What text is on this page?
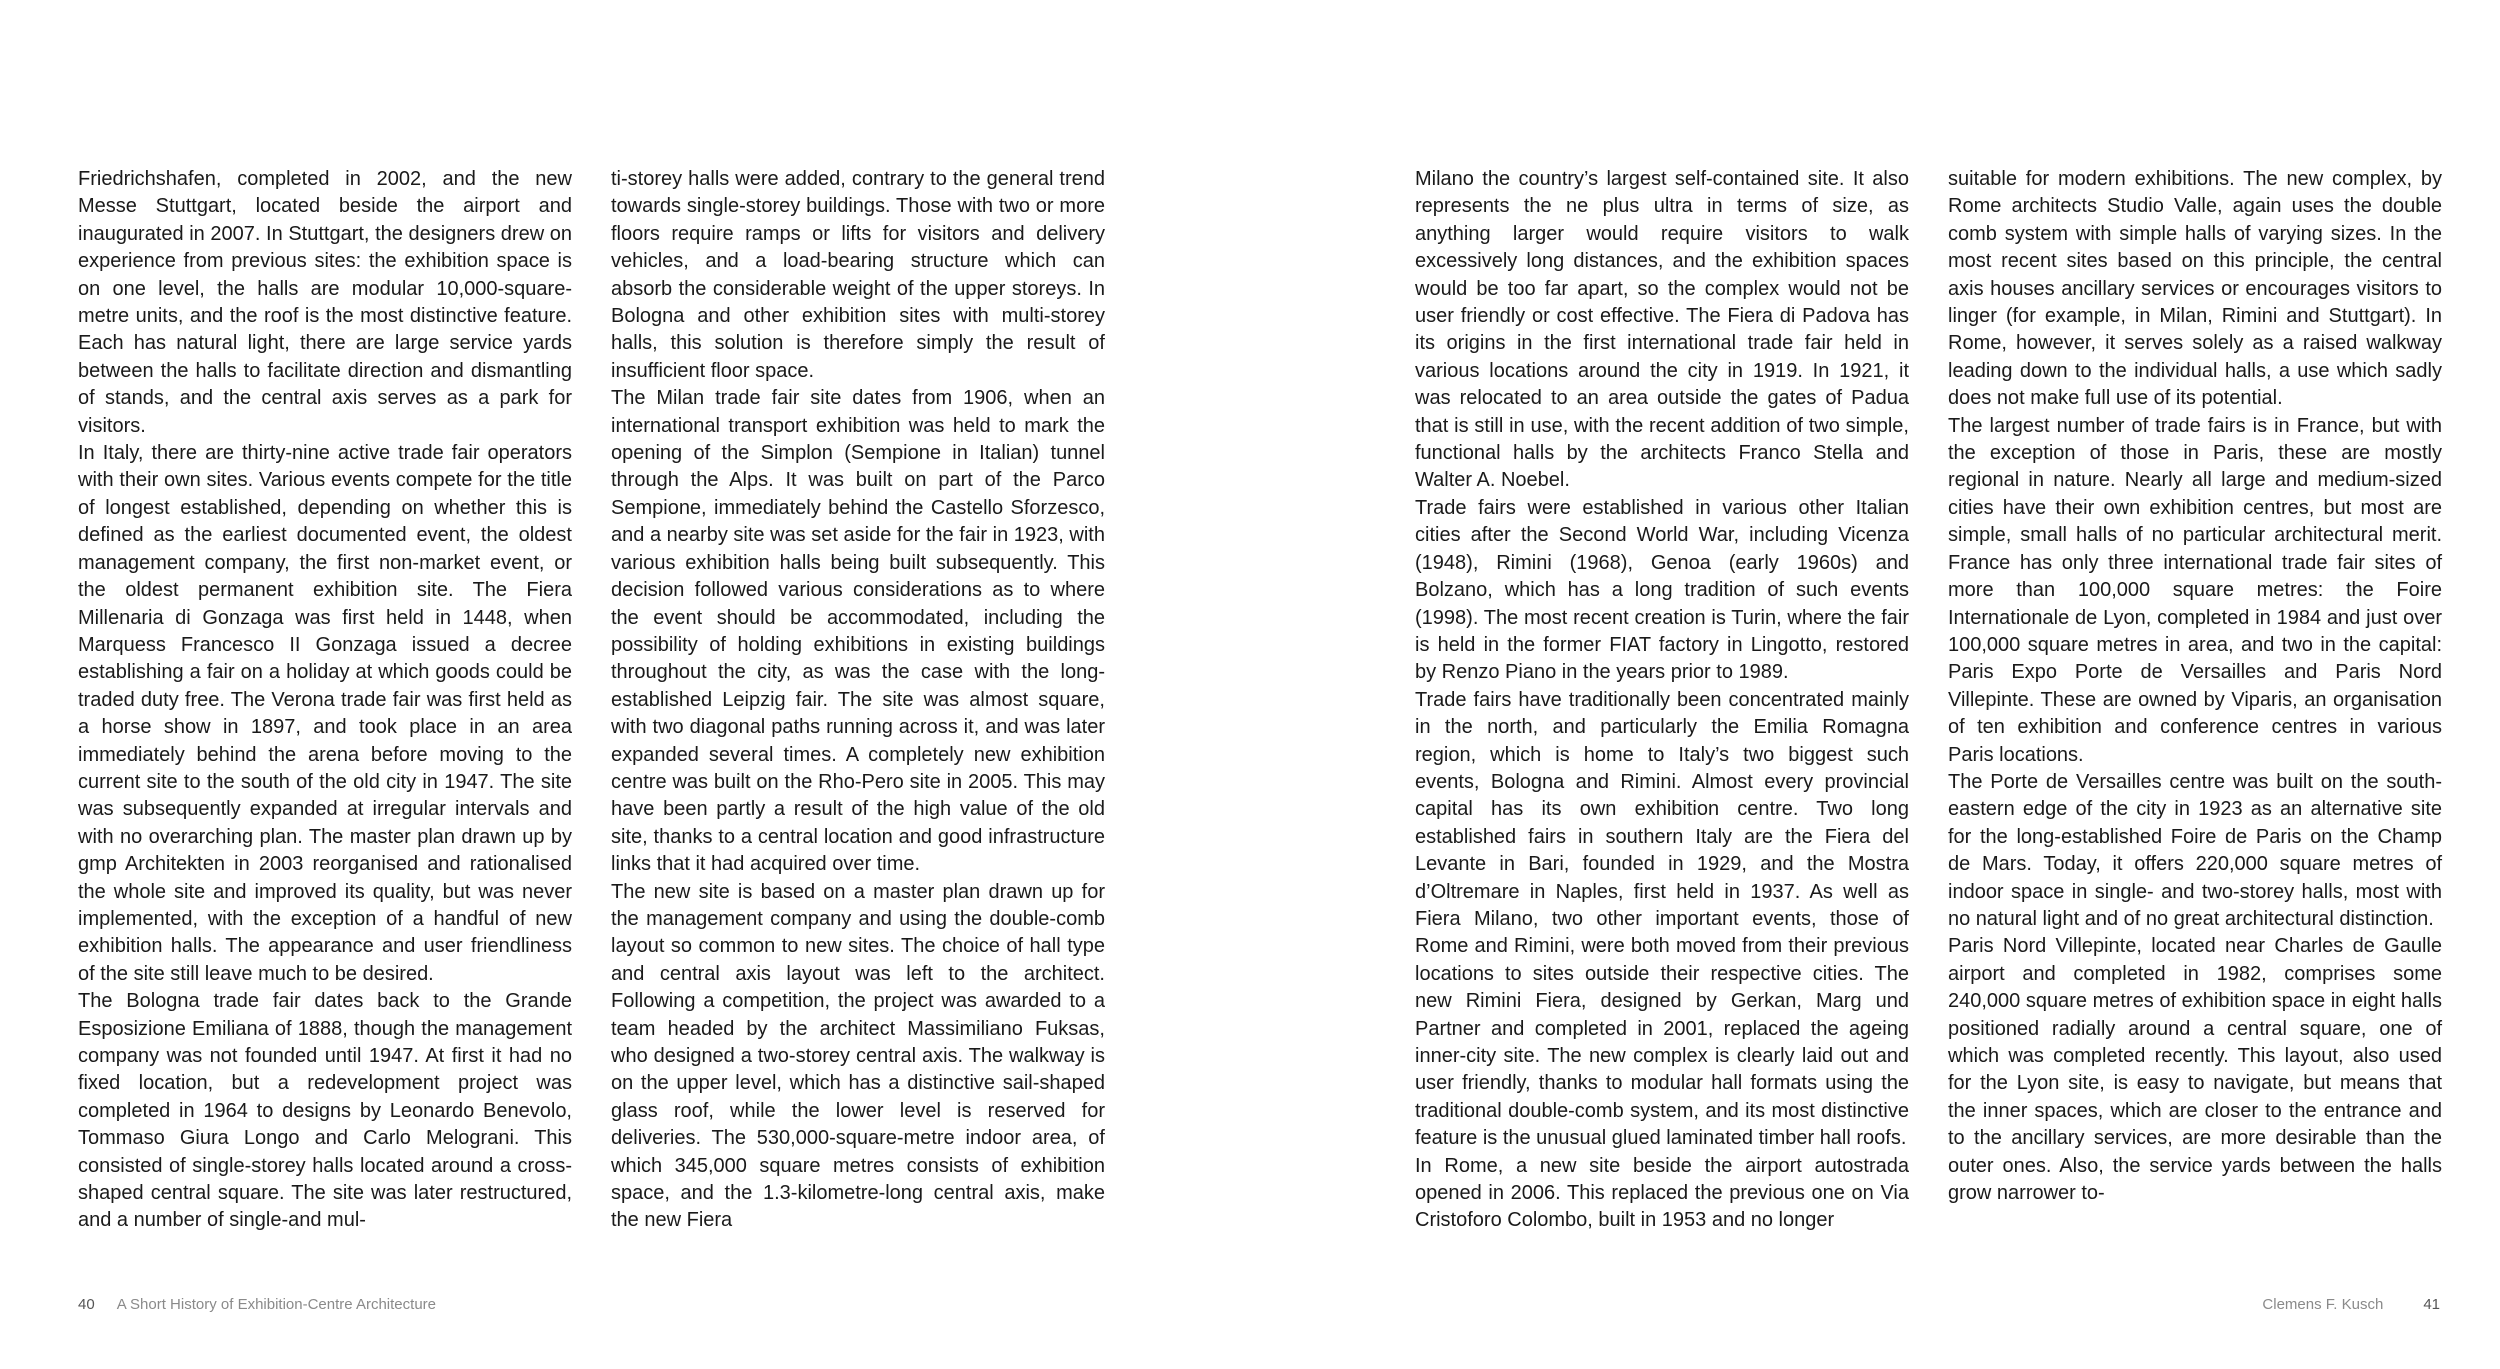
Friedrichshafen, completed in 2002, and the new Messe Stuttgart, located beside the airport and inaugurated in 2007. In Stuttgart, the designers drew on experience from previous sites: the exhibition space is on one level, the halls are modular 10,000-square-metre units, and the roof is the most distinctive feature. Each has natural light, there are large service yards between the halls to facilitate direction and dismantling of stands, and the central axis serves as a park for visitors.

In Italy, there are thirty-nine active trade fair operators with their own sites. Various events compete for the title of longest established, depending on whether this is defined as the earliest documented event, the oldest management company, the first non-market event, or the oldest permanent exhibition site. The Fiera Millenaria di Gonzaga was first held in 1448, when Marquess Francesco II Gonzaga issued a decree establishing a fair on a holiday at which goods could be traded duty free. The Verona trade fair was first held as a horse show in 1897, and took place in an area immediately behind the arena before moving to the current site to the south of the old city in 1947. The site was subsequently expanded at irregular intervals and with no overarching plan. The master plan drawn up by gmp Architekten in 2003 reorganised and rationalised the whole site and improved its quality, but was never implemented, with the exception of a handful of new exhibition halls. The appearance and user friendliness of the site still leave much to be desired.

The Bologna trade fair dates back to the Grande Esposizione Emiliana of 1888, though the management company was not founded until 1947. At first it had no fixed location, but a redevelopment project was completed in 1964 to designs by Leonardo Benevolo, Tommaso Giura Longo and Carlo Melograni. This consisted of single-storey halls located around a cross-shaped central square. The site was later restructured, and a number of single-and mul-

ti-storey halls were added, contrary to the general trend towards single-storey buildings. Those with two or more floors require ramps or lifts for visitors and delivery vehicles, and a load-bearing structure which can absorb the considerable weight of the upper storeys. In Bologna and other exhibition sites with multi-storey halls, this solution is therefore simply the result of insufficient floor space.

The Milan trade fair site dates from 1906, when an international transport exhibition was held to mark the opening of the Simplon (Sempione in Italian) tunnel through the Alps. It was built on part of the Parco Sempione, immediately behind the Castello Sforzesco, and a nearby site was set aside for the fair in 1923, with various exhibition halls being built subsequently. This decision followed various considerations as to where the event should be accommodated, including the possibility of holding exhibitions in existing buildings throughout the city, as was the case with the long-established Leipzig fair. The site was almost square, with two diagonal paths running across it, and was later expanded several times. A completely new exhibition centre was built on the Rho-Pero site in 2005. This may have been partly a result of the high value of the old site, thanks to a central location and good infrastructure links that it had acquired over time.

The new site is based on a master plan drawn up for the management company and using the double-comb layout so common to new sites. The choice of hall type and central axis layout was left to the architect. Following a competition, the project was awarded to a team headed by the architect Massimiliano Fuksas, who designed a two-storey central axis. The walkway is on the upper level, which has a distinctive sail-shaped glass roof, while the lower level is reserved for deliveries. The 530,000-square-metre indoor area, of which 345,000 square metres consists of exhibition space, and the 1.3-kilometre-long central axis, make the new Fiera

Milano the country’s largest self-contained site. It also represents the ne plus ultra in terms of size, as anything larger would require visitors to walk excessively long distances, and the exhibition spaces would be too far apart, so the complex would not be user friendly or cost effective. The Fiera di Padova has its origins in the first international trade fair held in various locations around the city in 1919. In 1921, it was relocated to an area outside the gates of Padua that is still in use, with the recent addition of two simple, functional halls by the architects Franco Stella and Walter A. Noebel.

Trade fairs were established in various other Italian cities after the Second World War, including Vicenza (1948), Rimini (1968), Genoa (early 1960s) and Bolzano, which has a long tradition of such events (1998). The most recent creation is Turin, where the fair is held in the former FIAT factory in Lingotto, restored by Renzo Piano in the years prior to 1989.

Trade fairs have traditionally been concentrated mainly in the north, and particularly the Emilia Romagna region, which is home to Italy’s two biggest such events, Bologna and Rimini. Almost every provincial capital has its own exhibition centre. Two long established fairs in southern Italy are the Fiera del Levante in Bari, founded in 1929, and the Mostra d’Oltremare in Naples, first held in 1937. As well as Fiera Milano, two other important events, those of Rome and Rimini, were both moved from their previous locations to sites outside their respective cities. The new Rimini Fiera, designed by Gerkan, Marg und Partner and completed in 2001, replaced the ageing inner-city site. The new complex is clearly laid out and user friendly, thanks to modular hall formats using the traditional double-comb system, and its most distinctive feature is the unusual glued laminated timber hall roofs.

In Rome, a new site beside the airport autostrada opened in 2006. This replaced the previous one on Via Cristoforo Colombo, built in 1953 and no longer

suitable for modern exhibitions. The new complex, by Rome architects Studio Valle, again uses the double comb system with simple halls of varying sizes. In the most recent sites based on this principle, the central axis houses ancillary services or encourages visitors to linger (for example, in Milan, Rimini and Stuttgart). In Rome, however, it serves solely as a raised walkway leading down to the individual halls, a use which sadly does not make full use of its potential.

The largest number of trade fairs is in France, but with the exception of those in Paris, these are mostly regional in nature. Nearly all large and medium-sized cities have their own exhibition centres, but most are simple, small halls of no particular architectural merit. France has only three international trade fair sites of more than 100,000 square metres: the Foire Internationale de Lyon, completed in 1984 and just over 100,000 square metres in area, and two in the capital: Paris Expo Porte de Versailles and Paris Nord Villepinte. These are owned by Viparis, an organisation of ten exhibition and conference centres in various Paris locations.

The Porte de Versailles centre was built on the south-eastern edge of the city in 1923 as an alternative site for the long-established Foire de Paris on the Champ de Mars. Today, it offers 220,000 square metres of indoor space in single- and two-storey halls, most with no natural light and of no great architectural distinction.

Paris Nord Villepinte, located near Charles de Gaulle airport and completed in 1982, comprises some 240,000 square metres of exhibition space in eight halls positioned radially around a central square, one of which was completed recently. This layout, also used for the Lyon site, is easy to navigate, but means that the inner spaces, which are closer to the entrance and to the ancillary services, are more desirable than the outer ones. Also, the service yards between the halls grow narrower to-

40 A Short History of Exhibition-Centre Architecture	Clemens F. Kusch	41
